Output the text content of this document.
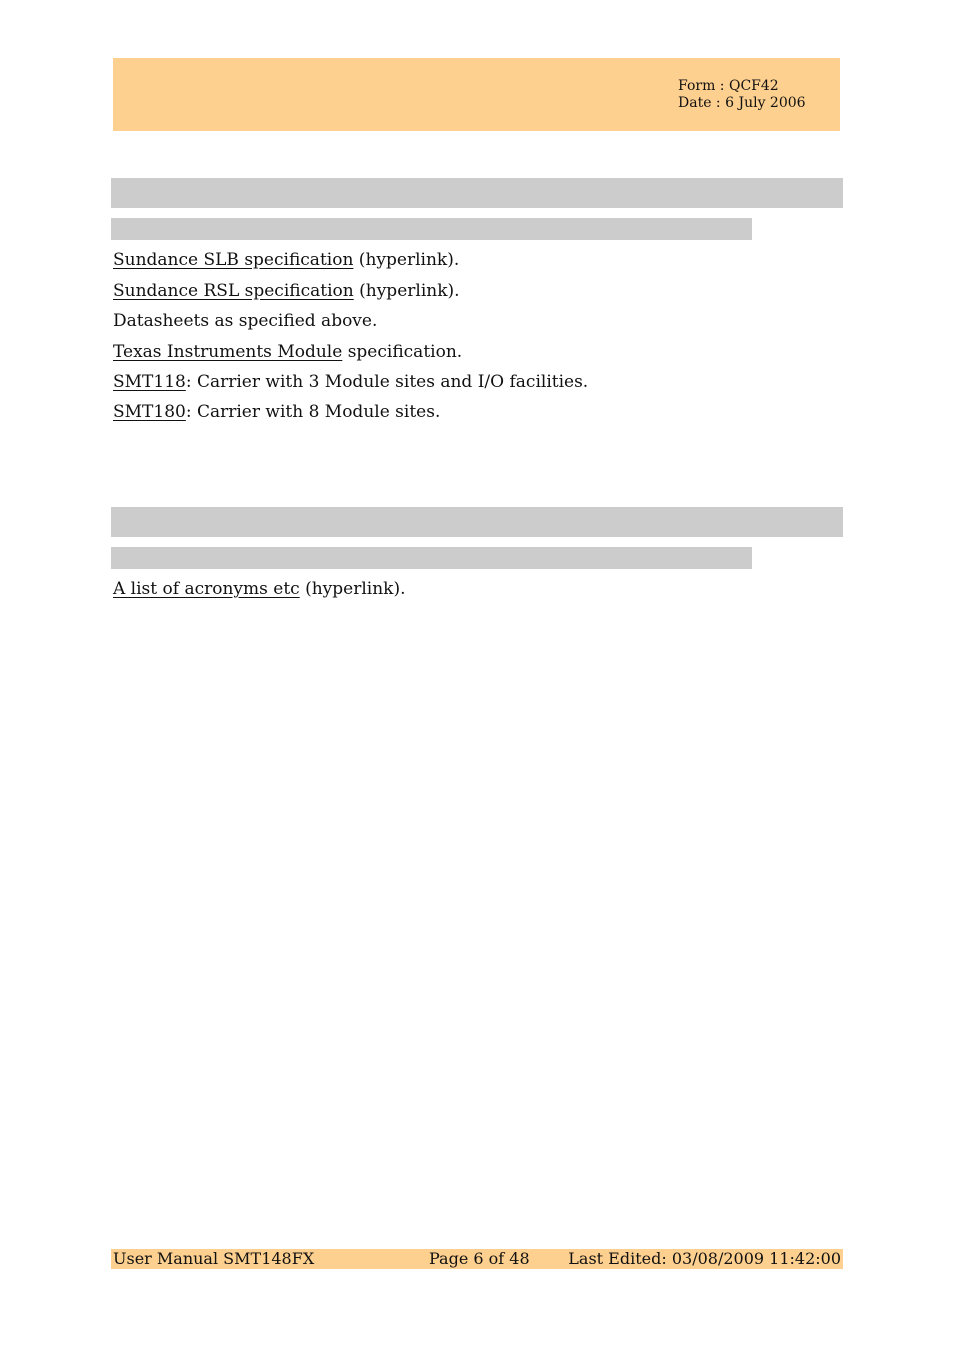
Form : QCF42
Date : 6 July 2006
Sundance SLB specification (hyperlink).
Sundance RSL specification (hyperlink).
Datasheets as specified above.
Texas Instruments Module specification.
SMT118: Carrier with 3 Module sites and I/O facilities.
SMT180: Carrier with 8 Module sites.
A list of acronyms etc (hyperlink).
User Manual SMT148FX	Page 6 of 48 Last Edited: 03/08/2009 11:42:00
